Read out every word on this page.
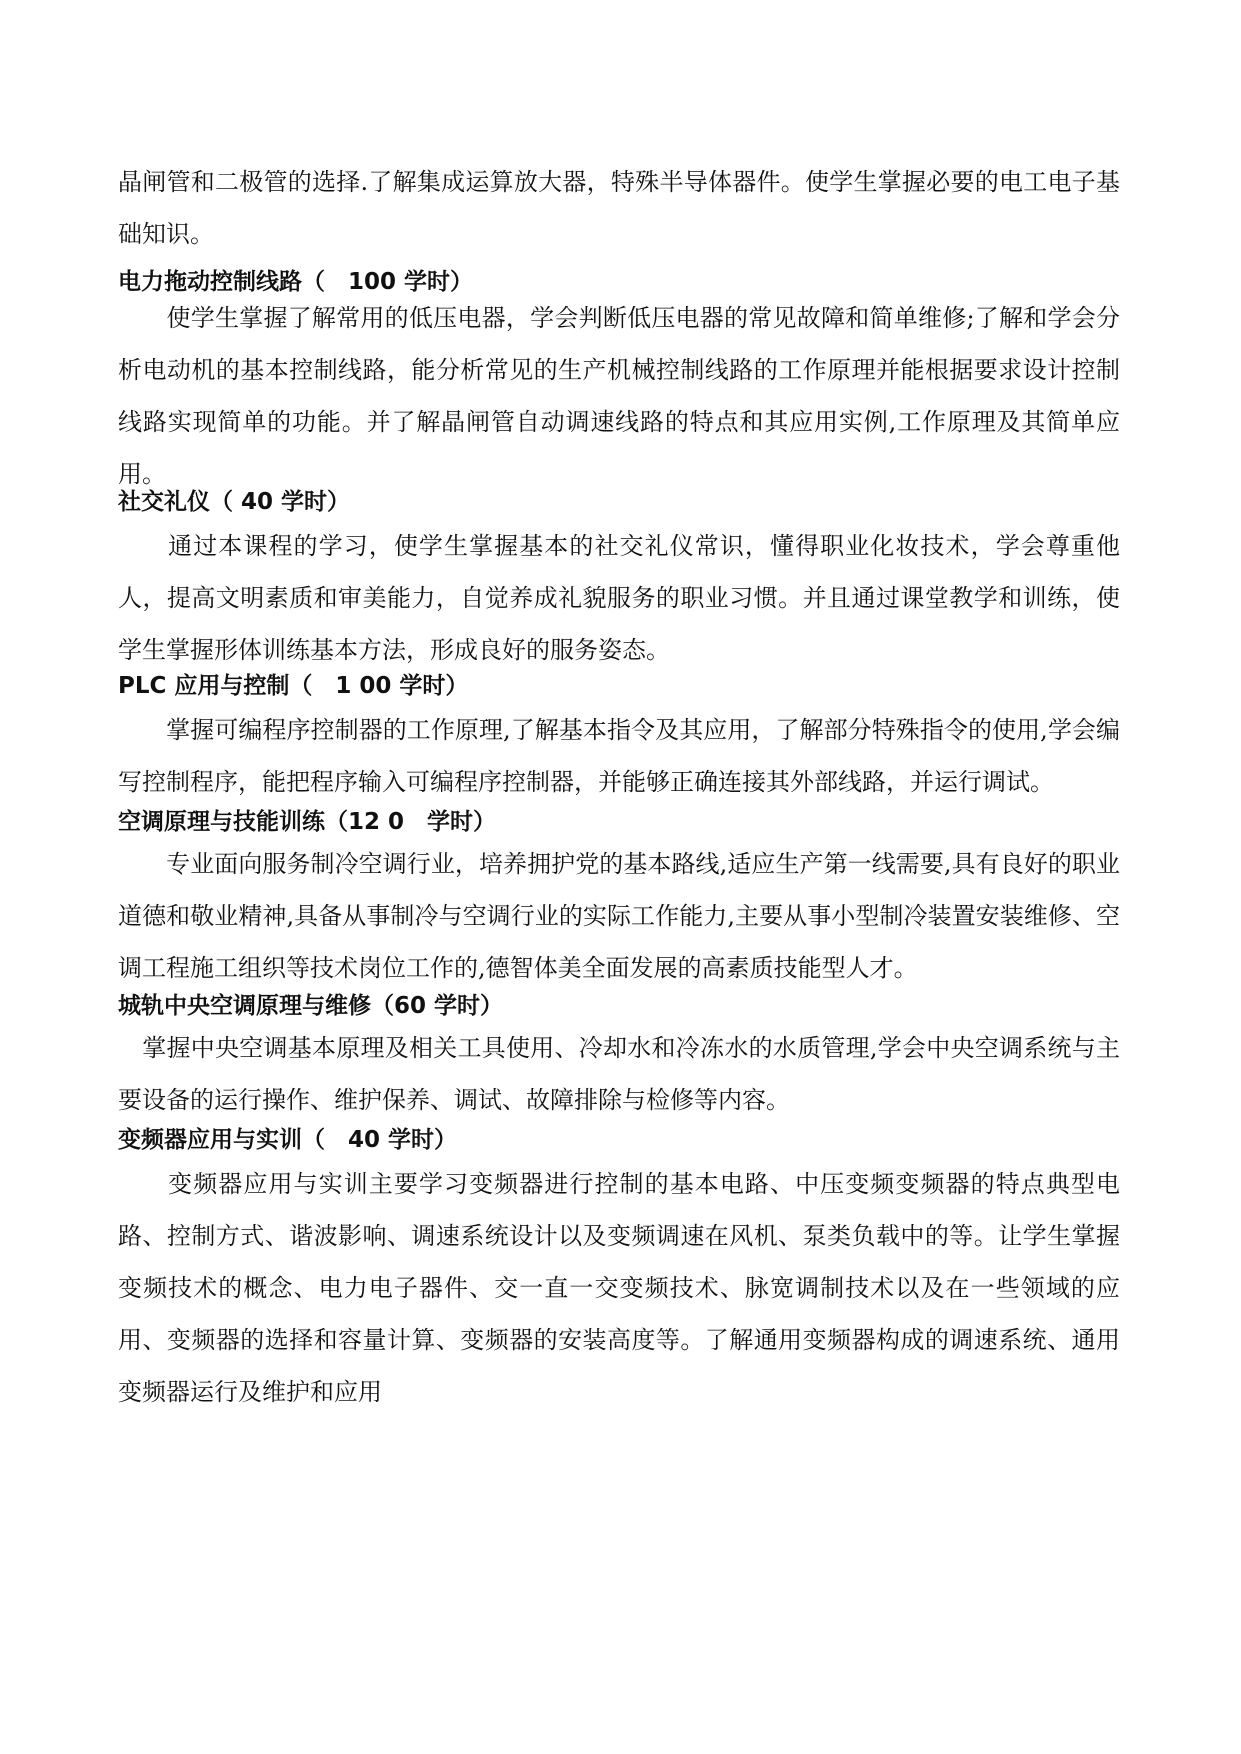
晶闸管和二极管的选择.了解集成运算放大器，特殊半导体器件。使学生掌握必要的电工电子基础知识。

电力拖动控制线路（　100 学时）

　　使学生掌握了解常用的低压电器，学会判断低压电器的常见故障和简单维修;了解和学会分析电动机的基本控制线路，能分析常见的生产机械控制线路的工作原理并能根据要求设计控制线路实现简单的功能。并了解晶闸管自动调速线路的特点和其应用实例,工作原理及其简单应用。

社交礼仪（ 40 学时）

　　通过本课程的学习，使学生掌握基本的社交礼仪常识，懂得职业化妆技术，学会尊重他人，提高文明素质和审美能力，自觉养成礼貌服务的职业习惯。并且通过课堂教学和训练，使学生掌握形体训练基本方法，形成良好的服务姿态。

PLC 应用与控制（　1 00 学时）

　　掌握可编程序控制器的工作原理,了解基本指令及其应用，了解部分特殊指令的使用,学会编写控制程序，能把程序输入可编程序控制器，并能够正确连接其外部线路，并运行调试。

空调原理与技能训练（12 0　学时）

　　专业面向服务制冷空调行业，培养拥护党的基本路线,适应生产第一线需要,具有良好的职业道德和敬业精神,具备从事制冷与空调行业的实际工作能力,主要从事小型制冷装置安装维修、空调工程施工组织等技术岗位工作的,德智体美全面发展的高素质技能型人才。

城轨中央空调原理与维修（60 学时）

　掌握中央空调基本原理及相关工具使用、冷却水和冷冻水的水质管理,学会中央空调系统与主要设备的运行操作、维护保养、调试、故障排除与检修等内容。

变频器应用与实训（　40 学时）

　　变频器应用与实训主要学习变频器进行控制的基本电路、中压变频变频器的特点典型电路、控制方式、谐波影响、调速系统设计以及变频调速在风机、泵类负载中的等。让学生掌握变频技术的概念、电力电子器件、交一直一交变频技术、脉宽调制技术以及在一些领域的应用、变频器的选择和容量计算、变频器的安装高度等。了解通用变频器构成的调速系统、通用变频器运行及维护和应用
